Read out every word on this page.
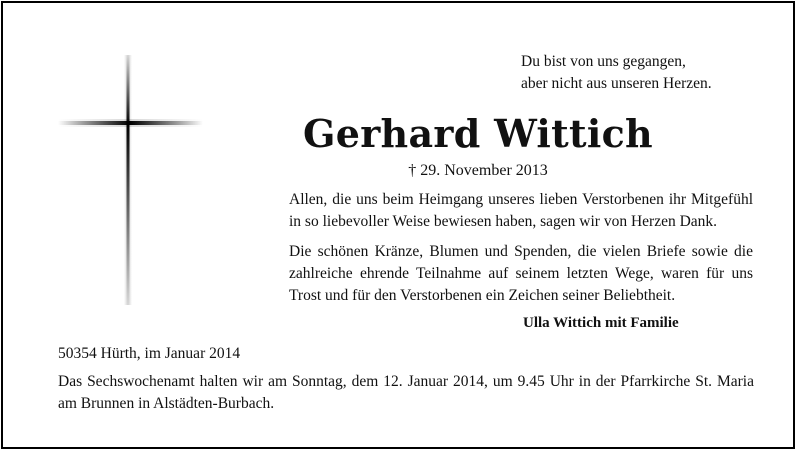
Du bist von uns gegangen,
aber nicht aus unseren Herzen.
Gerhard Wittich
† 29. November 2013
Allen, die uns beim Heimgang unseres lieben Verstorbenen ihr Mitgefühl in so liebevoller Weise bewiesen haben, sagen wir von Herzen Dank.
Die schönen Kränze, Blumen und Spenden, die vielen Briefe sowie die zahlreiche ehrende Teilnahme auf seinem letzten Wege, waren für uns Trost und für den Verstorbenen ein Zeichen seiner Beliebtheit.
Ulla Wittich mit Familie
50354 Hürth, im Januar 2014
Das Sechswochenamt halten wir am Sonntag, dem 12. Januar 2014, um 9.45 Uhr in der Pfarrkirche St. Maria am Brunnen in Alstädten-Burbach.
